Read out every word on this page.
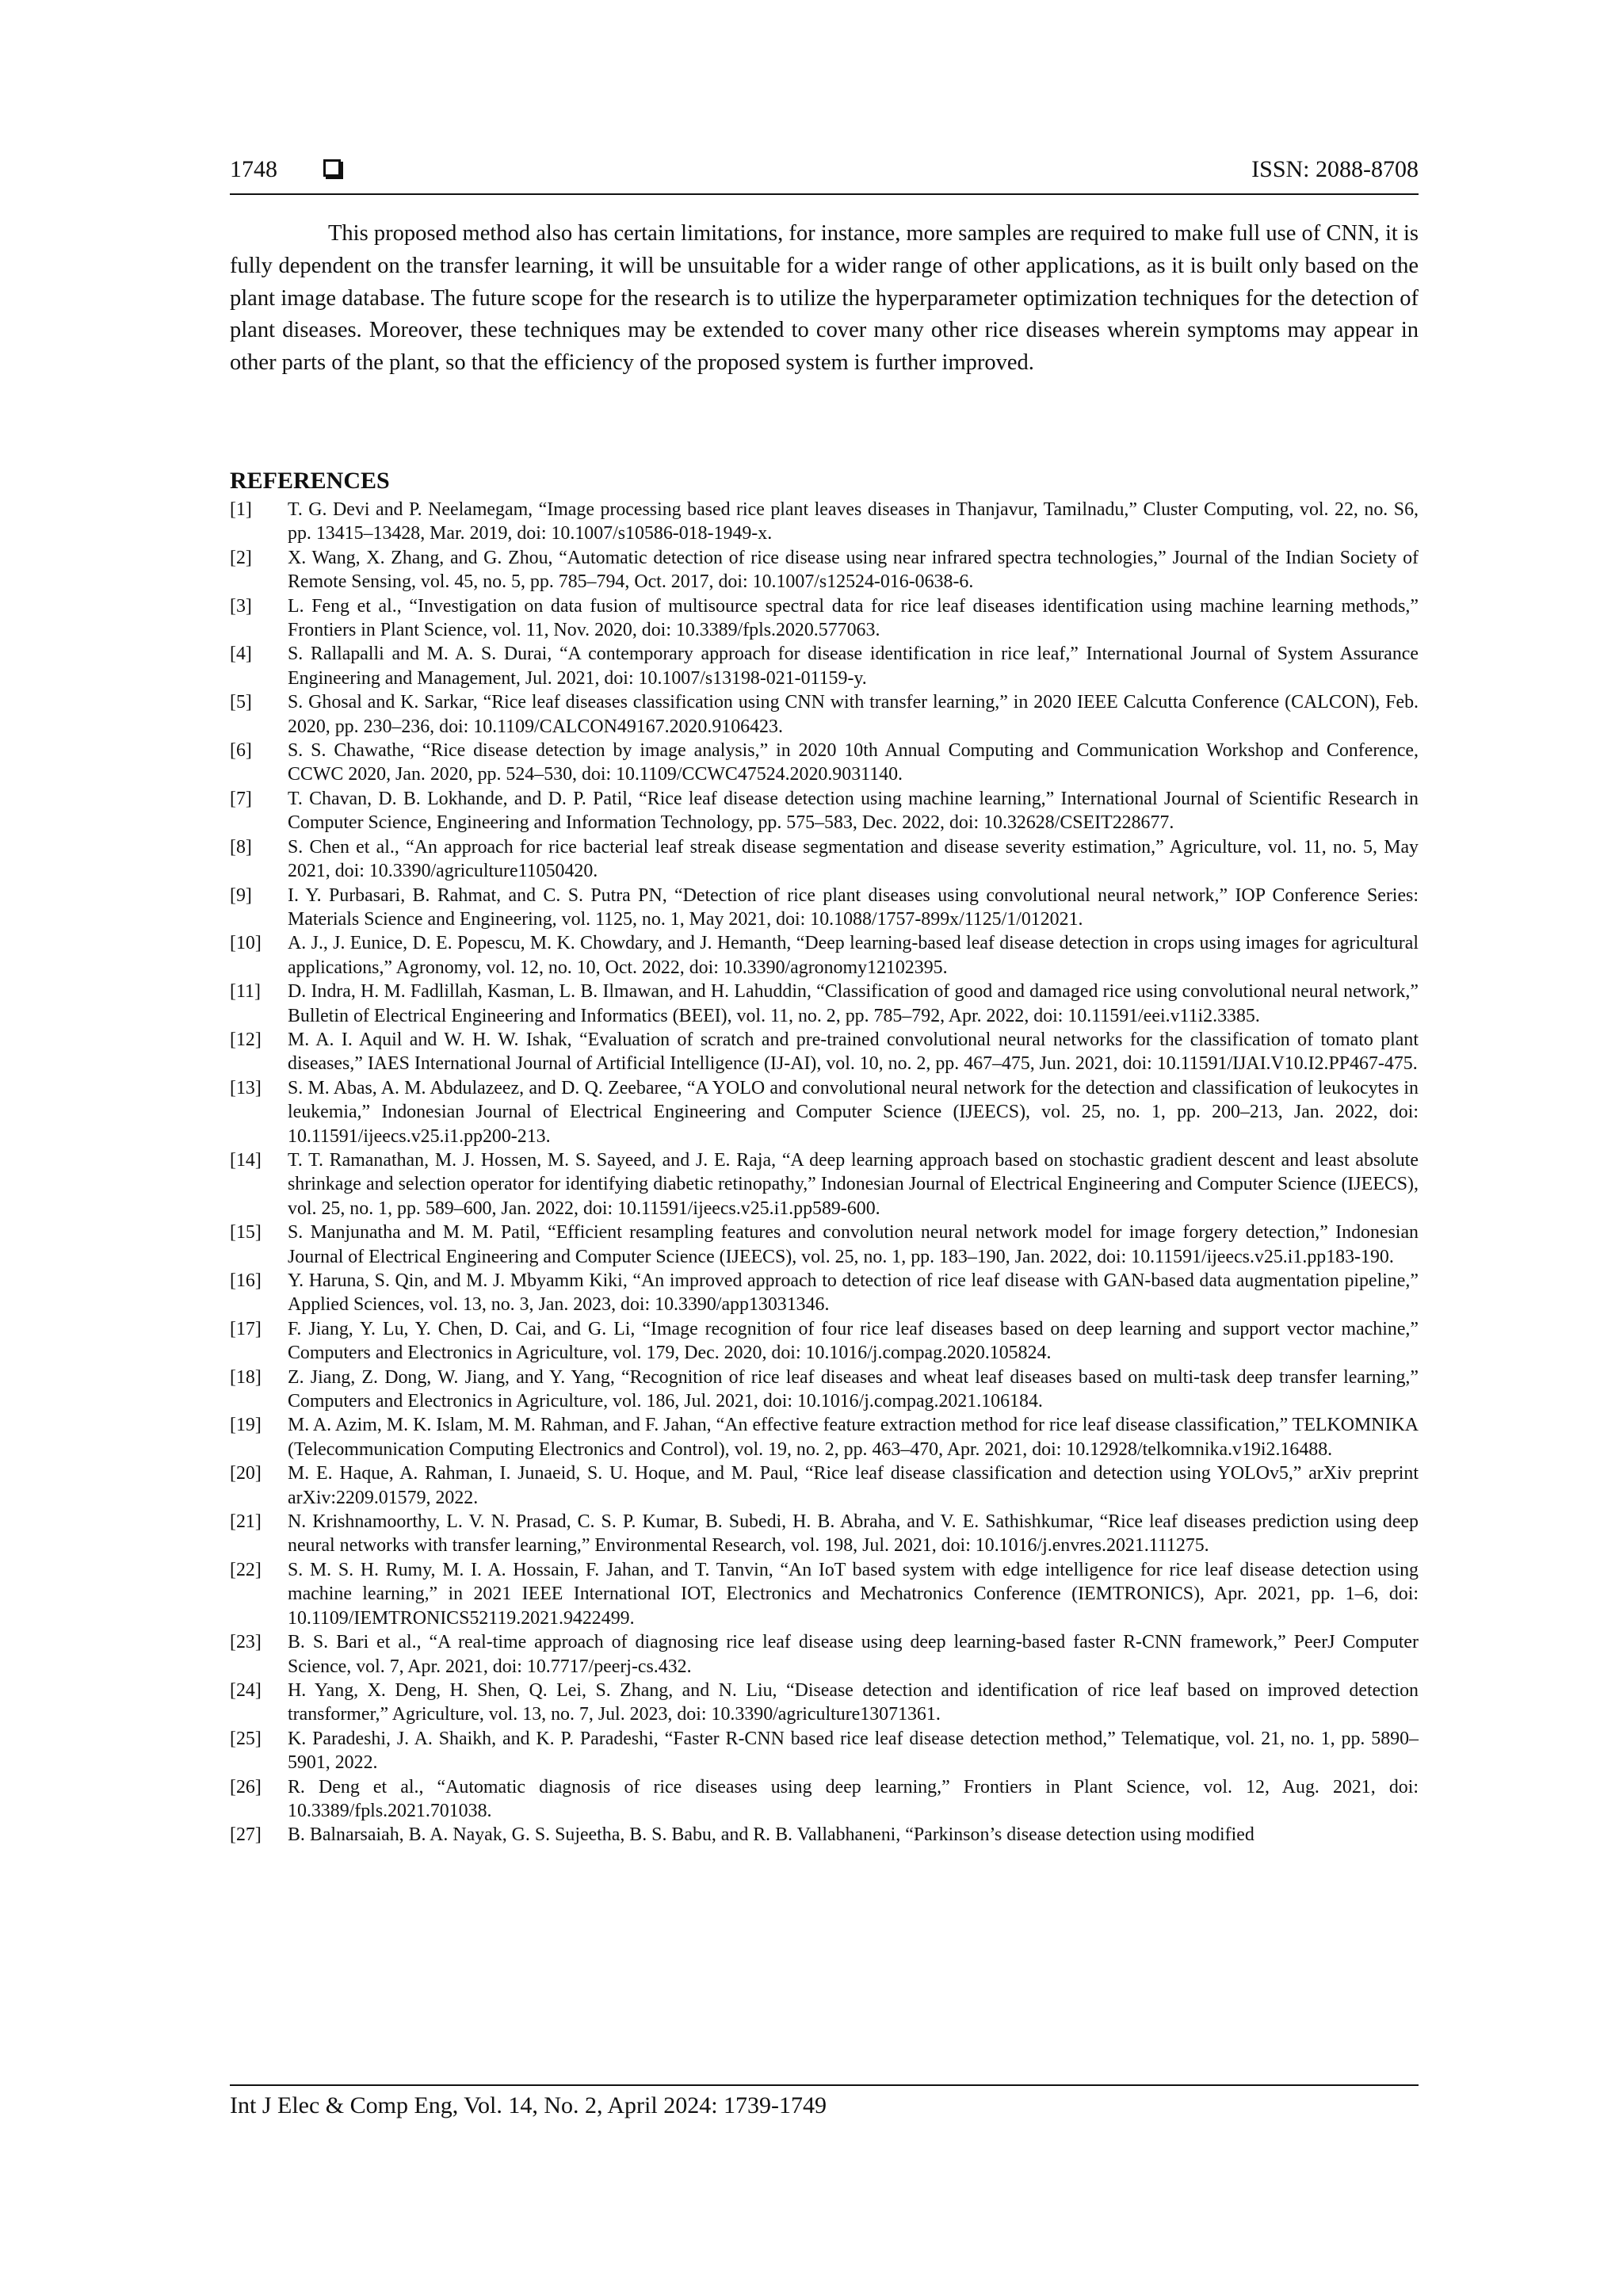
1748	ISSN: 2088-8708

This proposed method also has certain limitations, for instance, more samples are required to make full use of CNN, it is fully dependent on the transfer learning, it will be unsuitable for a wider range of other applications, as it is built only based on the plant image database. The future scope for the research is to utilize the hyperparameter optimization techniques for the detection of plant diseases. Moreover, these techniques may be extended to cover many other rice diseases wherein symptoms may appear in other parts of the plant, so that the efficiency of the proposed system is further improved.

REFERENCES
[1] T. G. Devi and P. Neelamegam, “Image processing based rice plant leaves diseases in Thanjavur, Tamilnadu,” Cluster Computing, vol. 22, no. S6, pp. 13415–13428, Mar. 2019, doi: 10.1007/s10586-018-1949-x.
[2] X. Wang, X. Zhang, and G. Zhou, “Automatic detection of rice disease using near infrared spectra technologies,” Journal of the Indian Society of Remote Sensing, vol. 45, no. 5, pp. 785–794, Oct. 2017, doi: 10.1007/s12524-016-0638-6.
[3] L. Feng et al., “Investigation on data fusion of multisource spectral data for rice leaf diseases identification using machine learning methods,” Frontiers in Plant Science, vol. 11, Nov. 2020, doi: 10.3389/fpls.2020.577063.
[4] S. Rallapalli and M. A. S. Durai, “A contemporary approach for disease identification in rice leaf,” International Journal of System Assurance Engineering and Management, Jul. 2021, doi: 10.1007/s13198-021-01159-y.
[5] S. Ghosal and K. Sarkar, “Rice leaf diseases classification using CNN with transfer learning,” in 2020 IEEE Calcutta Conference (CALCON), Feb. 2020, pp. 230–236, doi: 10.1109/CALCON49167.2020.9106423.
[6] S. S. Chawathe, “Rice disease detection by image analysis,” in 2020 10th Annual Computing and Communication Workshop and Conference, CCWC 2020, Jan. 2020, pp. 524–530, doi: 10.1109/CCWC47524.2020.9031140.
[7] T. Chavan, D. B. Lokhande, and D. P. Patil, “Rice leaf disease detection using machine learning,” International Journal of Scientific Research in Computer Science, Engineering and Information Technology, pp. 575–583, Dec. 2022, doi: 10.32628/CSEIT228677.
[8] S. Chen et al., “An approach for rice bacterial leaf streak disease segmentation and disease severity estimation,” Agriculture, vol. 11, no. 5, May 2021, doi: 10.3390/agriculture11050420.
[9] I. Y. Purbasari, B. Rahmat, and C. S. Putra PN, “Detection of rice plant diseases using convolutional neural network,” IOP Conference Series: Materials Science and Engineering, vol. 1125, no. 1, May 2021, doi: 10.1088/1757-899x/1125/1/012021.
[10] A. J., J. Eunice, D. E. Popescu, M. K. Chowdary, and J. Hemanth, “Deep learning-based leaf disease detection in crops using images for agricultural applications,” Agronomy, vol. 12, no. 10, Oct. 2022, doi: 10.3390/agronomy12102395.
[11] D. Indra, H. M. Fadlillah, Kasman, L. B. Ilmawan, and H. Lahuddin, “Classification of good and damaged rice using convolutional neural network,” Bulletin of Electrical Engineering and Informatics (BEEI), vol. 11, no. 2, pp. 785–792, Apr. 2022, doi: 10.11591/eei.v11i2.3385.
[12] M. A. I. Aquil and W. H. W. Ishak, “Evaluation of scratch and pre-trained convolutional neural networks for the classification of tomato plant diseases,” IAES International Journal of Artificial Intelligence (IJ-AI), vol. 10, no. 2, pp. 467–475, Jun. 2021, doi: 10.11591/IJAI.V10.I2.PP467-475.
[13] S. M. Abas, A. M. Abdulazeez, and D. Q. Zeebaree, “A YOLO and convolutional neural network for the detection and classification of leukocytes in leukemia,” Indonesian Journal of Electrical Engineering and Computer Science (IJEECS), vol. 25, no. 1, pp. 200–213, Jan. 2022, doi: 10.11591/ijeecs.v25.i1.pp200-213.
[14] T. T. Ramanathan, M. J. Hossen, M. S. Sayeed, and J. E. Raja, “A deep learning approach based on stochastic gradient descent and least absolute shrinkage and selection operator for identifying diabetic retinopathy,” Indonesian Journal of Electrical Engineering and Computer Science (IJEECS), vol. 25, no. 1, pp. 589–600, Jan. 2022, doi: 10.11591/ijeecs.v25.i1.pp589-600.
[15] S. Manjunatha and M. M. Patil, “Efficient resampling features and convolution neural network model for image forgery detection,” Indonesian Journal of Electrical Engineering and Computer Science (IJEECS), vol. 25, no. 1, pp. 183–190, Jan. 2022, doi: 10.11591/ijeecs.v25.i1.pp183-190.
[16] Y. Haruna, S. Qin, and M. J. Mbyamm Kiki, “An improved approach to detection of rice leaf disease with GAN-based data augmentation pipeline,” Applied Sciences, vol. 13, no. 3, Jan. 2023, doi: 10.3390/app13031346.
[17] F. Jiang, Y. Lu, Y. Chen, D. Cai, and G. Li, “Image recognition of four rice leaf diseases based on deep learning and support vector machine,” Computers and Electronics in Agriculture, vol. 179, Dec. 2020, doi: 10.1016/j.compag.2020.105824.
[18] Z. Jiang, Z. Dong, W. Jiang, and Y. Yang, “Recognition of rice leaf diseases and wheat leaf diseases based on multi-task deep transfer learning,” Computers and Electronics in Agriculture, vol. 186, Jul. 2021, doi: 10.1016/j.compag.2021.106184.
[19] M. A. Azim, M. K. Islam, M. M. Rahman, and F. Jahan, “An effective feature extraction method for rice leaf disease classification,” TELKOMNIKA (Telecommunication Computing Electronics and Control), vol. 19, no. 2, pp. 463–470, Apr. 2021, doi: 10.12928/telkomnika.v19i2.16488.
[20] M. E. Haque, A. Rahman, I. Junaeid, S. U. Hoque, and M. Paul, “Rice leaf disease classification and detection using YOLOv5,” arXiv preprint arXiv:2209.01579, 2022.
[21] N. Krishnamoorthy, L. V. N. Prasad, C. S. P. Kumar, B. Subedi, H. B. Abraha, and V. E. Sathishkumar, “Rice leaf diseases prediction using deep neural networks with transfer learning,” Environmental Research, vol. 198, Jul. 2021, doi: 10.1016/j.envres.2021.111275.
[22] S. M. S. H. Rumy, M. I. A. Hossain, F. Jahan, and T. Tanvin, “An IoT based system with edge intelligence for rice leaf disease detection using machine learning,” in 2021 IEEE International IOT, Electronics and Mechatronics Conference (IEMTRONICS), Apr. 2021, pp. 1–6, doi: 10.1109/IEMTRONICS52119.2021.9422499.
[23] B. S. Bari et al., “A real-time approach of diagnosing rice leaf disease using deep learning-based faster R-CNN framework,” PeerJ Computer Science, vol. 7, Apr. 2021, doi: 10.7717/peerj-cs.432.
[24] H. Yang, X. Deng, H. Shen, Q. Lei, S. Zhang, and N. Liu, “Disease detection and identification of rice leaf based on improved detection transformer,” Agriculture, vol. 13, no. 7, Jul. 2023, doi: 10.3390/agriculture13071361.
[25] K. Paradeshi, J. A. Shaikh, and K. P. Paradeshi, “Faster R-CNN based rice leaf disease detection method,” Telematique, vol. 21, no. 1, pp. 5890–5901, 2022.
[26] R. Deng et al., “Automatic diagnosis of rice diseases using deep learning,” Frontiers in Plant Science, vol. 12, Aug. 2021, doi: 10.3389/fpls.2021.701038.
[27] B. Balnarsaiah, B. A. Nayak, G. S. Sujeetha, B. S. Babu, and R. B. Vallabhaneni, “Parkinson’s disease detection using modified
Int J Elec & Comp Eng, Vol. 14, No. 2, April 2024: 1739-1749
